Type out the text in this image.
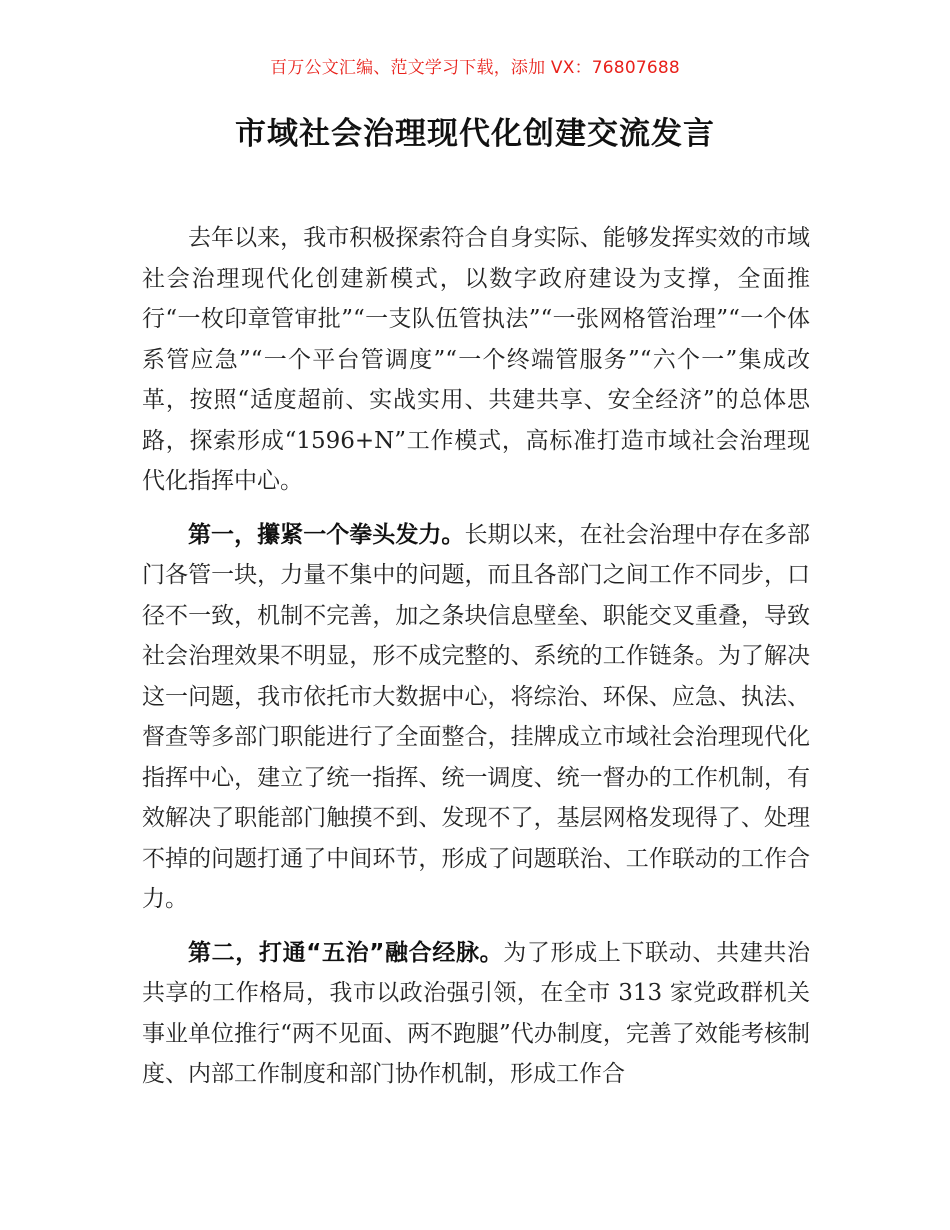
百万公文汇编、范文学习下载，添加 VX：76807688
市域社会治理现代化创建交流发言

去年以来，我市积极探索符合自身实际、能够发挥实效的市域社会治理现代化创建新模式，以数字政府建设为支撑，全面推行“一枚印章管审批”“一支队伍管执法”“一张网格管治理”“一个体系管应急”“一个平台管调度”“一个终端管服务”“六个一”集成改革，按照“适度超前、实战实用、共建共享、安全经济”的总体思路，探索形成“1596+N”工作模式，高标准打造市域社会治理现代化指挥中心。

第一，攥紧一个拳头发力。长期以来，在社会治理中存在多部门各管一块，力量不集中的问题，而且各部门之间工作不同步，口径不一致，机制不完善，加之条块信息壁垒、职能交叉重叠，导致社会治理效果不明显，形不成完整的、系统的工作链条。为了解决这一问题，我市依托市大数据中心，将综治、环保、应急、执法、督查等多部门职能进行了全面整合，挂牌成立市域社会治理现代化指挥中心，建立了统一指挥、统一调度、统一督办的工作机制，有效解决了职能部门触摸不到、发现不了，基层网格发现得了、处理不掉的问题打通了中间环节，形成了问题联治、工作联动的工作合力。

第二，打通“五治”融合经脉。为了形成上下联动、共建共治共享的工作格局，我市以政治强引领，在全市 313 家党政群机关事业单位推行“两不见面、两不跑腿”代办制度，完善了效能考核制度、内部工作制度和部门协作机制，形成工作合
